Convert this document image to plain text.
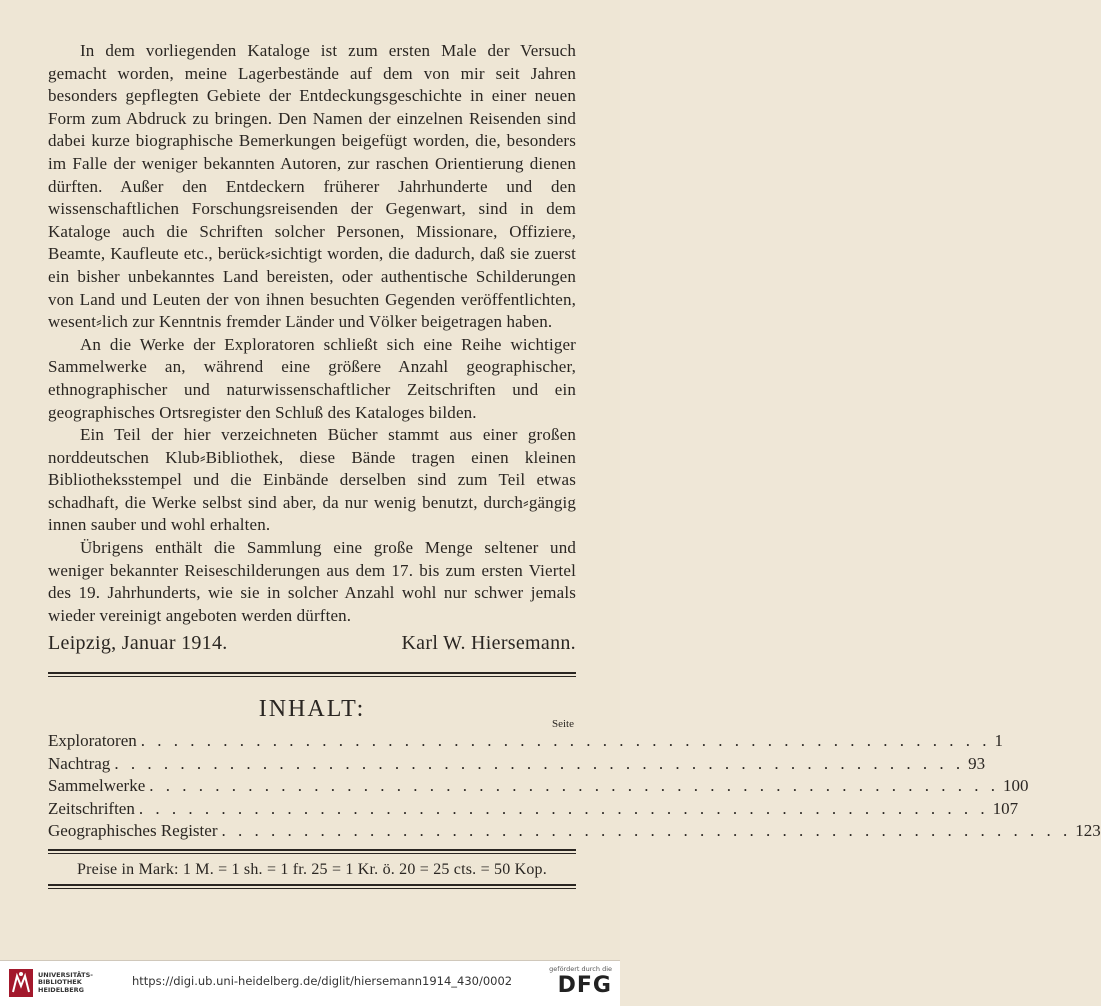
In dem vorliegenden Kataloge ist zum ersten Male der Versuch gemacht worden, meine Lagerbestände auf dem von mir seit Jahren besonders gepflegten Gebiete der Entdeckungsgeschichte in einer neuen Form zum Abdruck zu bringen. Den Namen der einzelnen Reisenden sind dabei kurze biographische Bemerkungen beigefügt worden, die, besonders im Falle der weniger bekannten Autoren, zur raschen Orientierung dienen dürften. Außer den Entdeckern früherer Jahrhunderte und den wissenschaftlichen Forschungsreisenden der Gegenwart, sind in dem Kataloge auch die Schriften solcher Personen, Missionare, Offiziere, Beamte, Kaufleute etc., berück⸗sichtigt worden, die dadurch, daß sie zuerst ein bisher unbekanntes Land bereisten, oder authentische Schilderungen von Land und Leuten der von ihnen besuchten Gegenden veröffentlichten, wesent⸗lich zur Kenntnis fremder Länder und Völker beigetragen haben.

An die Werke der Exploratoren schließt sich eine Reihe wichtiger Sammelwerke an, während eine größere Anzahl geographischer, ethnographischer und naturwissenschaftlicher Zeitschriften und ein geographisches Ortsregister den Schluß des Kataloges bilden.

Ein Teil der hier verzeichneten Bücher stammt aus einer großen norddeutschen Klub⸗Bibliothek, diese Bände tragen einen kleinen Bibliotheksstempel und die Einbände derselben sind zum Teil etwas schadhaft, die Werke selbst sind aber, da nur wenig benutzt, durch⸗gängig innen sauber und wohl erhalten.

Übrigens enthält die Sammlung eine große Menge seltener und weniger bekannter Reiseschilderungen aus dem 17. bis zum ersten Viertel des 19. Jahrhunderts, wie sie in solcher Anzahl wohl nur schwer jemals wieder vereinigt angeboten werden dürften.

Leipzig, Januar 1914.	Karl W. Hiersemann.
INHALT:
Seite
Exploratoren . . . . . . . . . . . . . . . . . . . . . . . . . . . . . . . . . . . . . . . . . . . . . . . . . . . . 1
Nachtrag . . . . . . . . . . . . . . . . . . . . . . . . . . . . . . . . . . . . . . . . . . . . . . . . . . . . 93
Sammelwerke . . . . . . . . . . . . . . . . . . . . . . . . . . . . . . . . . . . . . . . . . . . . . . . . . . . . 100
Zeitschriften . . . . . . . . . . . . . . . . . . . . . . . . . . . . . . . . . . . . . . . . . . . . . . . . . . . . 107
Geographisches Register . . . . . . . . . . . . . . . . . . . . . . . . . . . . . . . . . . . . . . . . . . . . . . . . . . . . 123
Preise in Mark: 1 M. = 1 sh. = 1 fr. 25 = 1 Kr. ö. 20 = 25 cts. = 50 Kop.
UNIVERSITÄTS-
BIBLIOTHEK
HEIDELBERG
https://digi.ub.uni-heidelberg.de/diglit/hiersemann1914_430/0002
gefördert durch die
DFG
